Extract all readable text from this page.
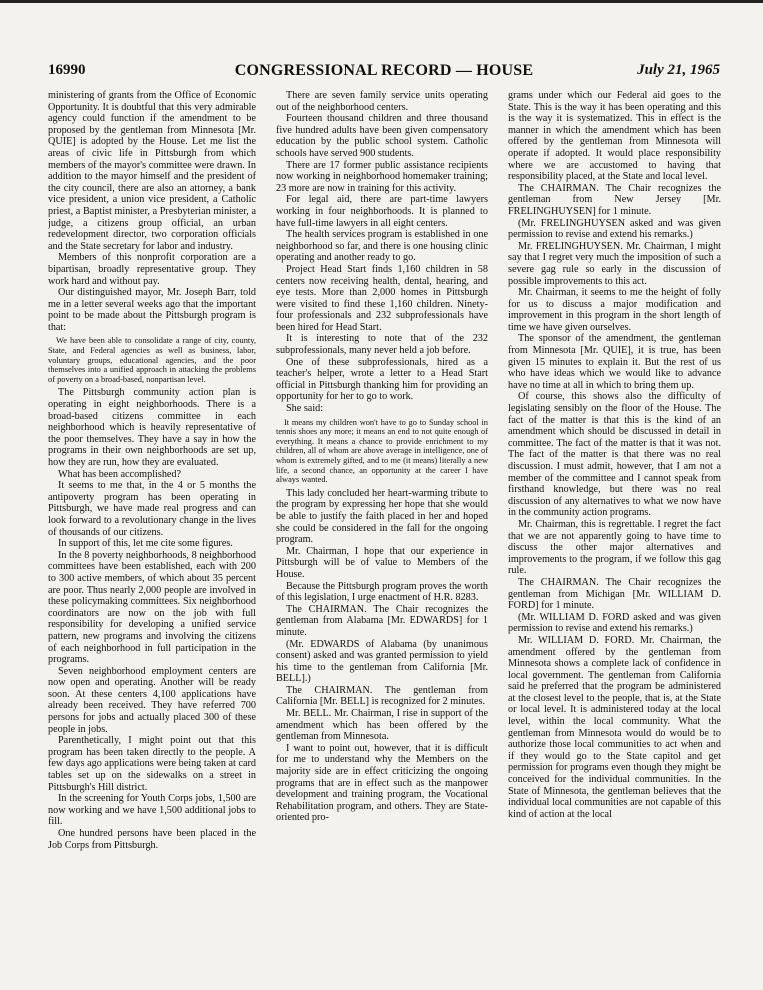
CONGRESSIONAL RECORD — HOUSE
16990	July 21, 1965

ministering of grants from the Office of Economic Opportunity. It is doubtful that this very admirable agency could function if the amendment to be proposed by the gentleman from Minnesota [Mr. QUIE] is adopted by the House. Let me list the areas of civic life in Pittsburgh from which members of the mayor's committee were drawn. In addition to the mayor himself and the president of the city council, there are also an attorney, a bank vice president, a union vice president, a Catholic priest, a Baptist minister, a Presbyterian minister, a judge, a citizens group official, an urban redevelopment director, two corporation officials and the State secretary for labor and industry.

Members of this nonprofit corporation are a bipartisan, broadly representative group. They work hard and without pay.

Our distinguished mayor, Mr. Joseph Barr, told me in a letter several weeks ago that the important point to be made about the Pittsburgh program is that:

We have been able to consolidate a range of city, county, State, and Federal agencies as well as business, labor, voluntary groups, educational agencies, and the poor themselves into a unified approach in attacking the problems of poverty on a broad-based, nonpartisan level.

The Pittsburgh community action plan is operating in eight neighborhoods. There is a broad-based citizens committee in each neighborhood which is heavily representative of the poor themselves. They have a say in how the programs in their own neighborhoods are set up, how they are run, how they are evaluated.

What has been accomplished?

It seems to me that, in the 4 or 5 months the antipoverty program has been operating in Pittsburgh, we have made real progress and can look forward to a revolutionary change in the lives of thousands of our citizens.

In support of this, let me cite some figures.

In the 8 poverty neighborhoods, 8 neighborhood committees have been established, each with 200 to 300 active members, of which about 35 percent are poor. Thus nearly 2,000 people are involved in these policymaking committees. Six neighborhood coordinators are now on the job with full responsibility for developing a unified service pattern, new programs and involving the citizens of each neighborhood in full participation in the programs.

Seven neighborhood employment centers are now open and operating. Another will be ready soon. At these centers 4,100 applications have already been received. They have referred 700 persons for jobs and actually placed 300 of these people in jobs.

Parenthetically, I might point out that this program has been taken directly to the people. A few days ago applications were being taken at card tables set up on the sidewalks on a street in Pittsburgh's Hill district.

In the screening for Youth Corps jobs, 1,500 are now working and we have 1,500 additional jobs to fill.

One hundred persons have been placed in the Job Corps from Pittsburgh.

There are seven family service units operating out of the neighborhood centers.

Fourteen thousand children and three thousand five hundred adults have been given compensatory education by the public school system. Catholic schools have served 900 students.

There are 17 former public assistance recipients now working in neighborhood homemaker training; 23 more are now in training for this activity.

For legal aid, there are part-time lawyers working in four neighborhoods. It is planned to have full-time lawyers in all eight centers.

The health services program is established in one neighborhood so far, and there is one housing clinic operating and another ready to go.

Project Head Start finds 1,160 children in 58 centers now receiving health, dental, hearing, and eye tests. More than 2,000 homes in Pittsburgh were visited to find these 1,160 children. Ninety-four professionals and 232 subprofessionals have been hired for Head Start.

It is interesting to note that of the 232 subprofessionals, many never held a job before.

One of these subprofessionals, hired as a teacher's helper, wrote a letter to a Head Start official in Pittsburgh thanking him for providing an opportunity for her to go to work.

She said:

It means my children won't have to go to Sunday school in tennis shoes any more; it means an end to not quite enough of everything. It means a chance to provide enrichment to my children, all of whom are above average in intelligence, one of whom is extremely gifted, and to me (it means) literally a new life, a second chance, an opportunity at the career I have always wanted.

This lady concluded her heart-warming tribute to the program by expressing her hope that she would be able to justify the faith placed in her and hoped she could be considered in the fall for the ongoing program.

Mr. Chairman, I hope that our experience in Pittsburgh will be of value to Members of the House.

Because the Pittsburgh program proves the worth of this legislation, I urge enactment of H.R. 8283.

The CHAIRMAN. The Chair recognizes the gentleman from Alabama [Mr. EDWARDS] for 1 minute.

(Mr. EDWARDS of Alabama (by unanimous consent) asked and was granted permission to yield his time to the gentleman from California [Mr. BELL].)

The CHAIRMAN. The gentleman from California [Mr. BELL] is recognized for 2 minutes.

Mr. BELL. Mr. Chairman, I rise in support of the amendment which has been offered by the gentleman from Minnesota.

I want to point out, however, that it is difficult for me to understand why the Members on the majority side are in effect criticizing the ongoing programs that are in effect such as the manpower development and training program, the Vocational Rehabilitation program, and others. They are State-oriented pro-

grams under which our Federal aid goes to the State. This is the way it has been operating and this is the way it is systematized. This in effect is the manner in which the amendment which has been offered by the gentleman from Minnesota will operate if adopted. It would place responsibility where we are accustomed to having that responsibility placed, at the State and local level.

The CHAIRMAN. The Chair recognizes the gentleman from New Jersey [Mr. FRELINGHUYSEN] for 1 minute.

(Mr. FRELINGHUYSEN asked and was given permission to revise and extend his remarks.)

Mr. FRELINGHUYSEN. Mr. Chairman, I might say that I regret very much the imposition of such a severe gag rule so early in the discussion of possible improvements to this act.

Mr. Chairman, it seems to me the height of folly for us to discuss a major modification and improvement in this program in the short length of time we have given ourselves.

The sponsor of the amendment, the gentleman from Minnesota [Mr. QUIE], it is true, has been given 15 minutes to explain it. But the rest of us who have ideas which we would like to advance have no time at all in which to bring them up.

Of course, this shows also the difficulty of legislating sensibly on the floor of the House. The fact of the matter is that this is the kind of an amendment which should be discussed in detail in committee. The fact of the matter is that it was not. The fact of the matter is that there was no real discussion. I must admit, however, that I am not a member of the committee and I cannot speak from firsthand knowledge, but there was no real discussion of any alternatives to what we now have in the community action programs.

Mr. Chairman, this is regrettable. I regret the fact that we are not apparently going to have time to discuss the other major alternatives and improvements to the program, if we follow this gag rule.

The CHAIRMAN. The Chair recognizes the gentleman from Michigan [Mr. WILLIAM D. FORD] for 1 minute.

(Mr. WILLIAM D. FORD asked and was given permission to revise and extend his remarks.)

Mr. WILLIAM D. FORD. Mr. Chairman, the amendment offered by the gentleman from Minnesota shows a complete lack of confidence in local government. The gentleman from California said he preferred that the program be administered at the closest level to the people, that is, at the State or local level. It is administered today at the local level, within the local community. What the gentleman from Minnesota would do would be to authorize those local communities to act when and if they would go to the State capitol and get permission for programs even though they might be conceived for the individual communities. In the State of Minnesota, the gentleman believes that the individual local communities are not capable of this kind of action at the local
